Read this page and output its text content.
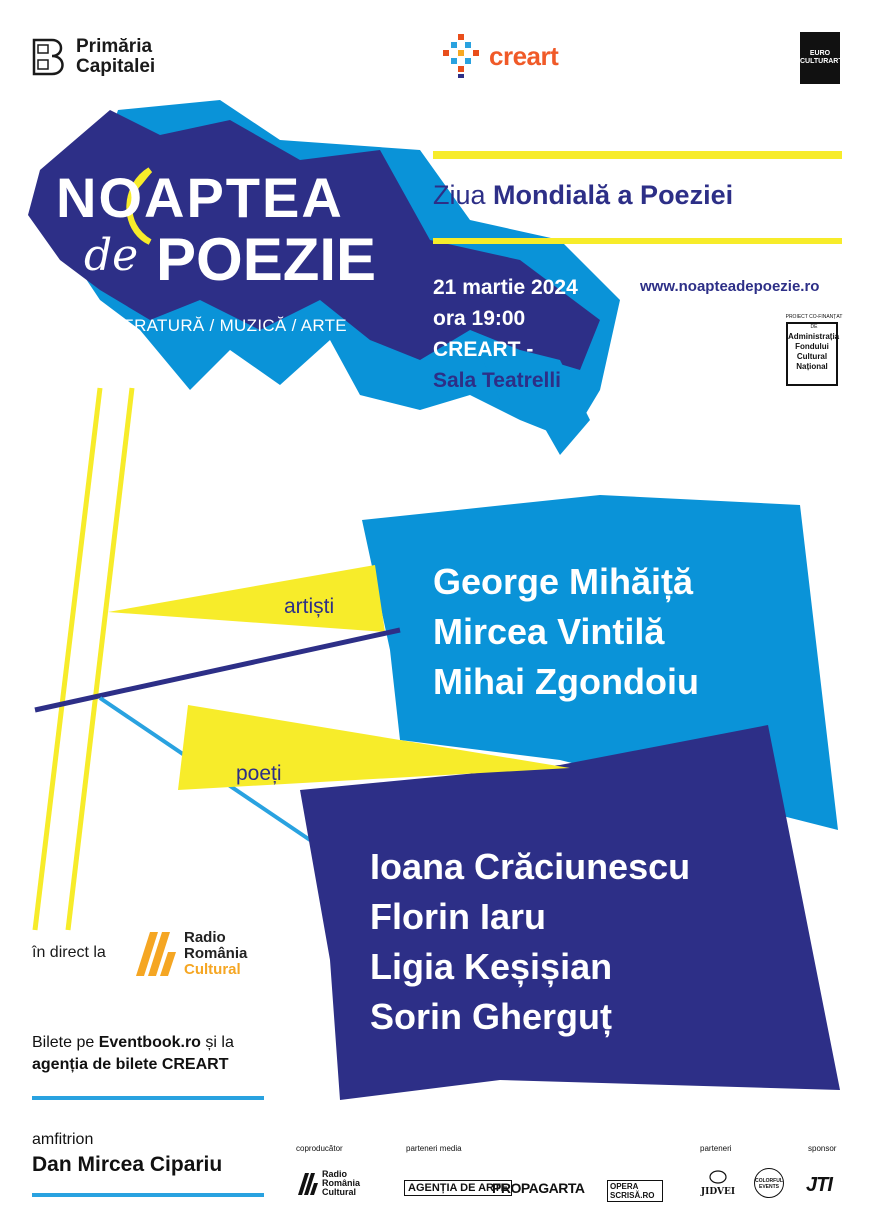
Primăria
Capitalei	creart	EURO
CULTURART
NOAPTEA
de POEZIE
LITERATURĂ / MUZICĂ / ARTE
Ziua Mondială a Poeziei
21 martie 2024
ora 19:00
CREART -
Sala Teatrelli
www.noapteadepoezie.ro
PROIECT CO-FINANȚAT DE
Administrația
Fondului
Cultural
Național
artiști
George Mihăiță
Mircea Vintilă
Mihai Zgondoiu
poeți
Ioana Crăciunescu
Florin Iaru
Ligia Keșișian
Sorin Gherguț
în direct la
Radio
România
Cultural
Bilete pe Eventbook.ro și la
agenția de bilete CREART
amfitrion
Dan Mircea Cipariu
coproducător	parteneri media	parteneri	sponsor
Radio
România
Cultural	AGENȚIA DE ARTE
PROPAGARTA	OPERA SCRISĂ.RO	JIDVEI
COLORFUL EVENTS JTI
